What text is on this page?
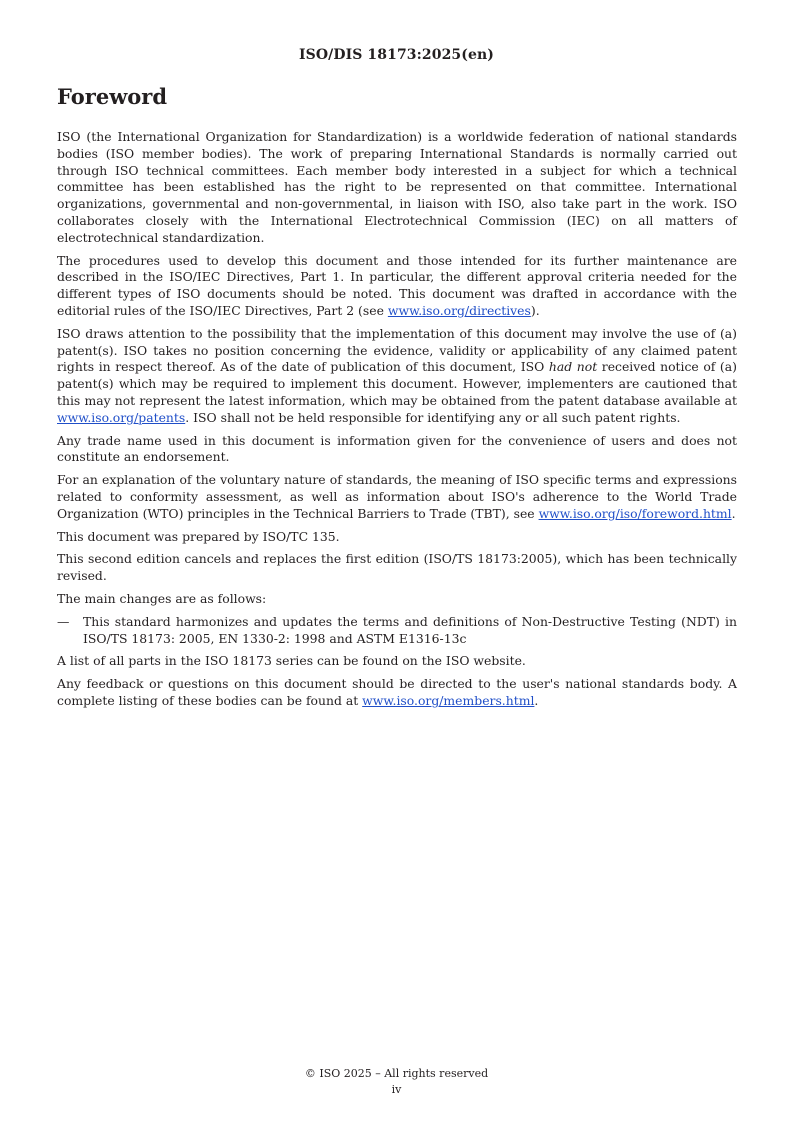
ISO/DIS 18173:2025(en)
Foreword

ISO (the International Organization for Standardization) is a worldwide federation of national standards bodies (ISO member bodies). The work of preparing International Standards is normally carried out through ISO technical committees. Each member body interested in a subject for which a technical committee has been established has the right to be represented on that committee. International organizations, governmental and non-governmental, in liaison with ISO, also take part in the work. ISO collaborates closely with the International Electrotechnical Commission (IEC) on all matters of electrotechnical standardization.

The procedures used to develop this document and those intended for its further maintenance are described in the ISO/IEC Directives, Part 1. In particular, the different approval criteria needed for the different types of ISO documents should be noted. This document was drafted in accordance with the editorial rules of the ISO/IEC Directives, Part 2 (see www.iso.org/directives).

ISO draws attention to the possibility that the implementation of this document may involve the use of (a) patent(s). ISO takes no position concerning the evidence, validity or applicability of any claimed patent rights in respect thereof. As of the date of publication of this document, ISO had not received notice of (a) patent(s) which may be required to implement this document. However, implementers are cautioned that this may not represent the latest information, which may be obtained from the patent database available at www.iso.org/patents. ISO shall not be held responsible for identifying any or all such patent rights.

Any trade name used in this document is information given for the convenience of users and does not constitute an endorsement.

For an explanation of the voluntary nature of standards, the meaning of ISO specific terms and expressions related to conformity assessment, as well as information about ISO's adherence to the World Trade Organization (WTO) principles in the Technical Barriers to Trade (TBT), see www.iso.org/iso/foreword.html.

This document was prepared by ISO/TC 135.

This second edition cancels and replaces the first edition (ISO/TS 18173:2005), which has been technically revised.

The main changes are as follows:

—	This standard harmonizes and updates the terms and definitions of Non-Destructive Testing (NDT) in ISO/TS 18173: 2005, EN 1330-2: 1998 and ASTM E1316-13c

A list of all parts in the ISO 18173 series can be found on the ISO website.

Any feedback or questions on this document should be directed to the user's national standards body. A complete listing of these bodies can be found at www.iso.org/members.html.

© ISO 2025 – All rights reserved
iv
